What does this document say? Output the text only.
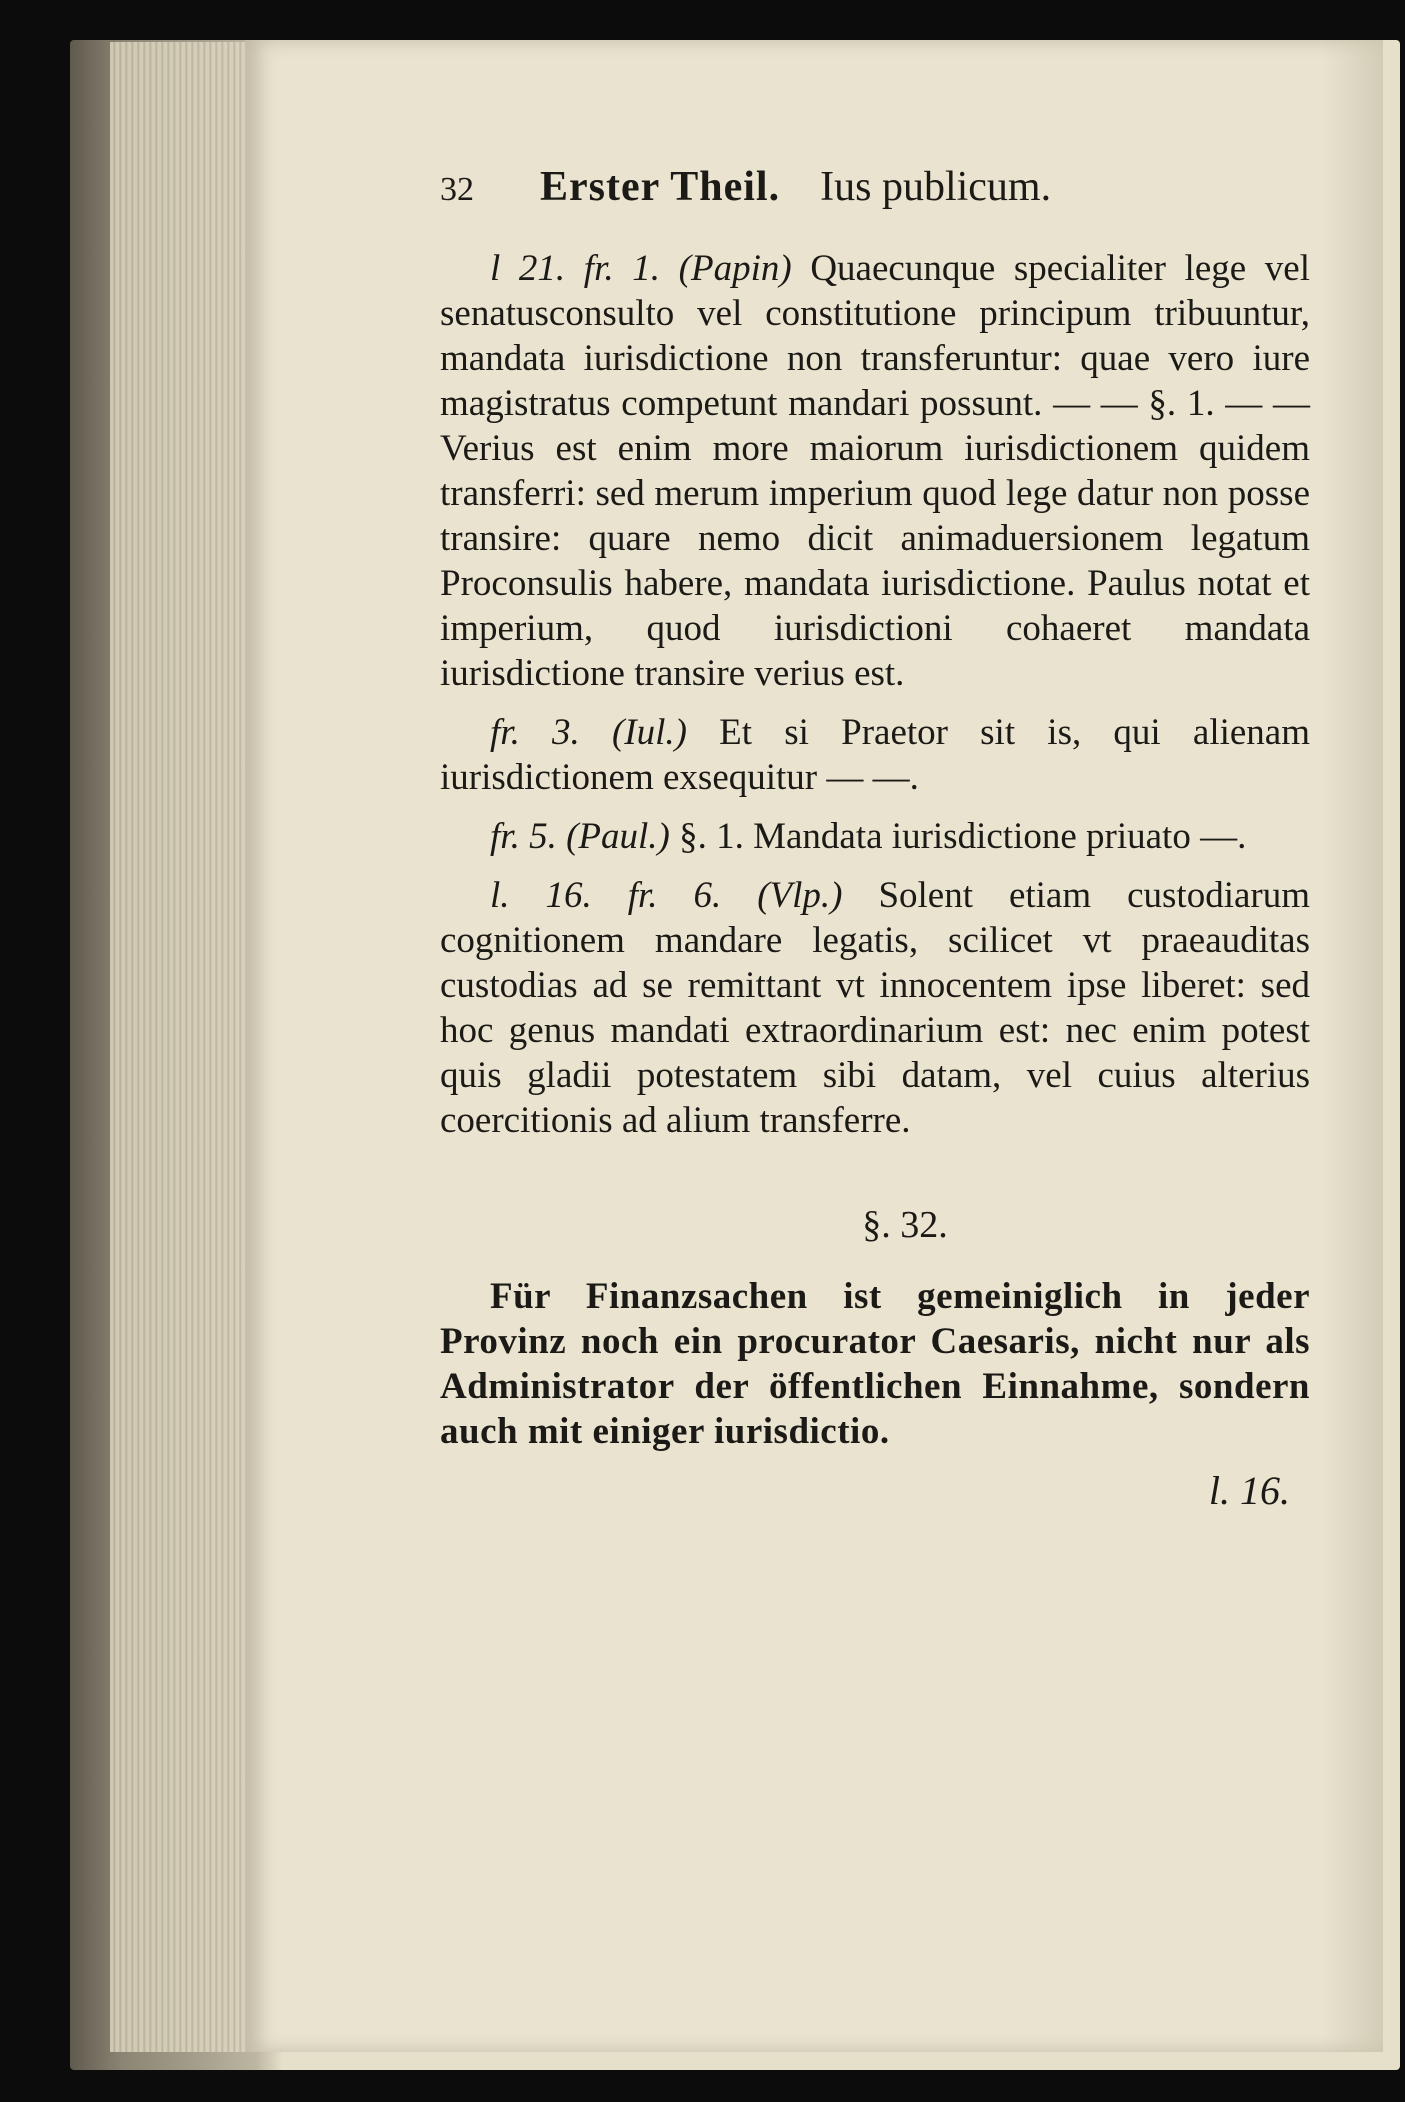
32	Erster Theil. Ius publicum.

l 21. fr. 1. (Papin) Quaecunque specialiter lege vel senatusconsulto vel constitutione principum tribuuntur, mandata iurisdictione non transferuntur: quae vero iure magistratus competunt mandari possunt. — — §. 1. — — Verius est enim more maiorum iurisdictionem quidem transferri: sed merum imperium quod lege datur non posse transire: quare nemo dicit animaduersionem legatum Proconsulis habere, mandata iurisdictione. Paulus notat et imperium, quod iurisdictioni cohaeret mandata iurisdictione transire verius est.

fr. 3. (Iul.) Et si Praetor sit is, qui alienam iurisdictionem exsequitur — —.

fr. 5. (Paul.) §. 1. Mandata iurisdictione priuato —.

l. 16. fr. 6. (Vlp.) Solent etiam custodiarum cognitionem mandare legatis, scilicet vt praeauditas custodias ad se remittant vt innocentem ipse liberet: sed hoc genus mandati extraordinarium est: nec enim potest quis gladii potestatem sibi datam, vel cuius alterius coercitionis ad alium transferre.

§. 32.

Für Finanzsachen ist gemeiniglich in jeder Provinz noch ein procurator Caesaris, nicht nur als Administrator der öffentlichen Einnahme, sondern auch mit einiger iurisdictio.

l. 16.
